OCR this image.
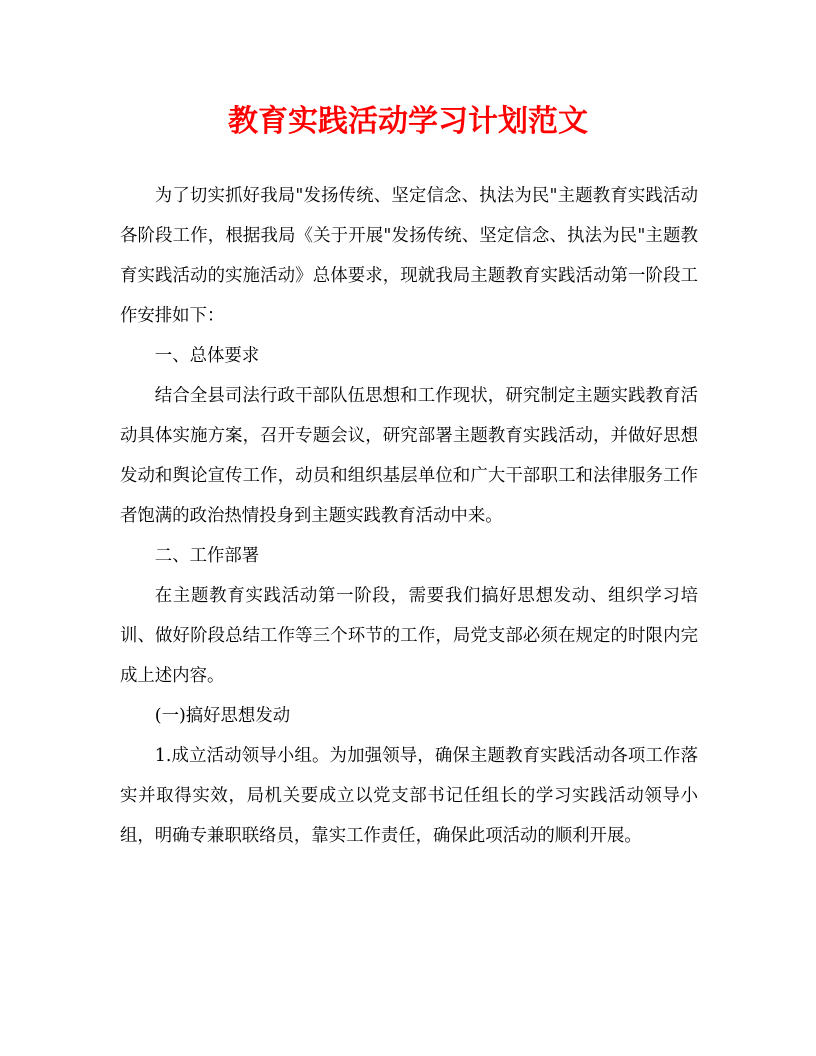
教育实践活动学习计划范文

为了切实抓好我局"发扬传统、坚定信念、执法为民"主题教育实践活动各阶段工作，根据我局《关于开展"发扬传统、坚定信念、执法为民"主题教育实践活动的实施活动》总体要求，现就我局主题教育实践活动第一阶段工作安排如下：

一、总体要求

结合全县司法行政干部队伍思想和工作现状，研究制定主题实践教育活动具体实施方案，召开专题会议，研究部署主题教育实践活动，并做好思想发动和舆论宣传工作，动员和组织基层单位和广大干部职工和法律服务工作者饱满的政治热情投身到主题实践教育活动中来。

二、工作部署

在主题教育实践活动第一阶段，需要我们搞好思想发动、组织学习培训、做好阶段总结工作等三个环节的工作，局党支部必须在规定的时限内完成上述内容。

(一)搞好思想发动

1.成立活动领导小组。为加强领导，确保主题教育实践活动各项工作落实并取得实效，局机关要成立以党支部书记任组长的学习实践活动领导小组，明确专兼职联络员，靠实工作责任，确保此项活动的顺利开展。
